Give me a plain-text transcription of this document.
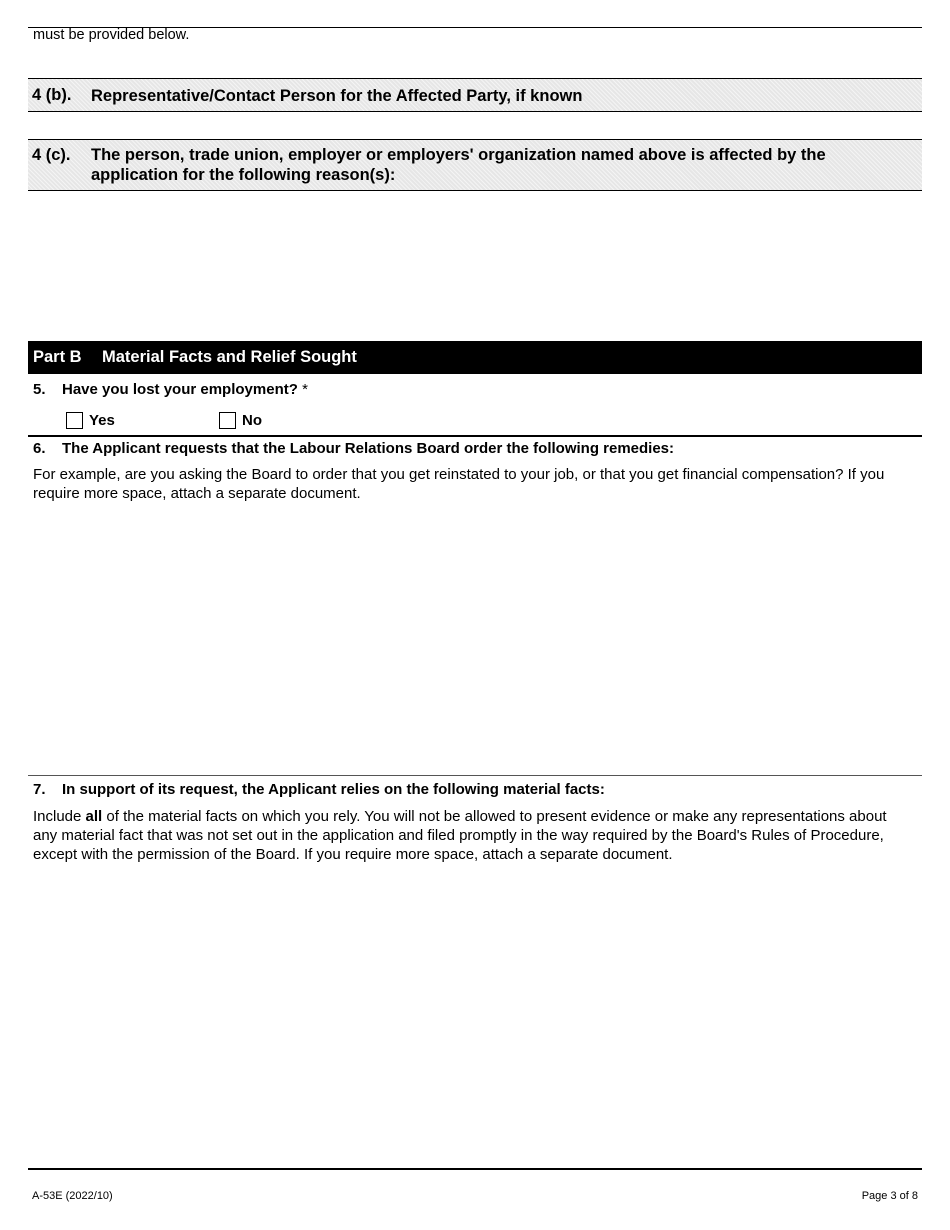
must be provided below.
4 (b). Representative/Contact Person for the Affected Party, if known
4 (c). The person, trade union, employer or employers' organization named above is affected by the application for the following reason(s):
Part B Material Facts and Relief Sought
5. Have you lost your employment? *
Yes	No
6. The Applicant requests that the Labour Relations Board order the following remedies:
For example, are you asking the Board to order that you get reinstated to your job, or that you get financial compensation? If you require more space, attach a separate document.
7. In support of its request, the Applicant relies on the following material facts:
Include all of the material facts on which you rely. You will not be allowed to present evidence or make any representations about any material fact that was not set out in the application and filed promptly in the way required by the Board's Rules of Procedure, except with the permission of the Board. If you require more space, attach a separate document.
A-53E (2022/10)	Page 3 of 8
